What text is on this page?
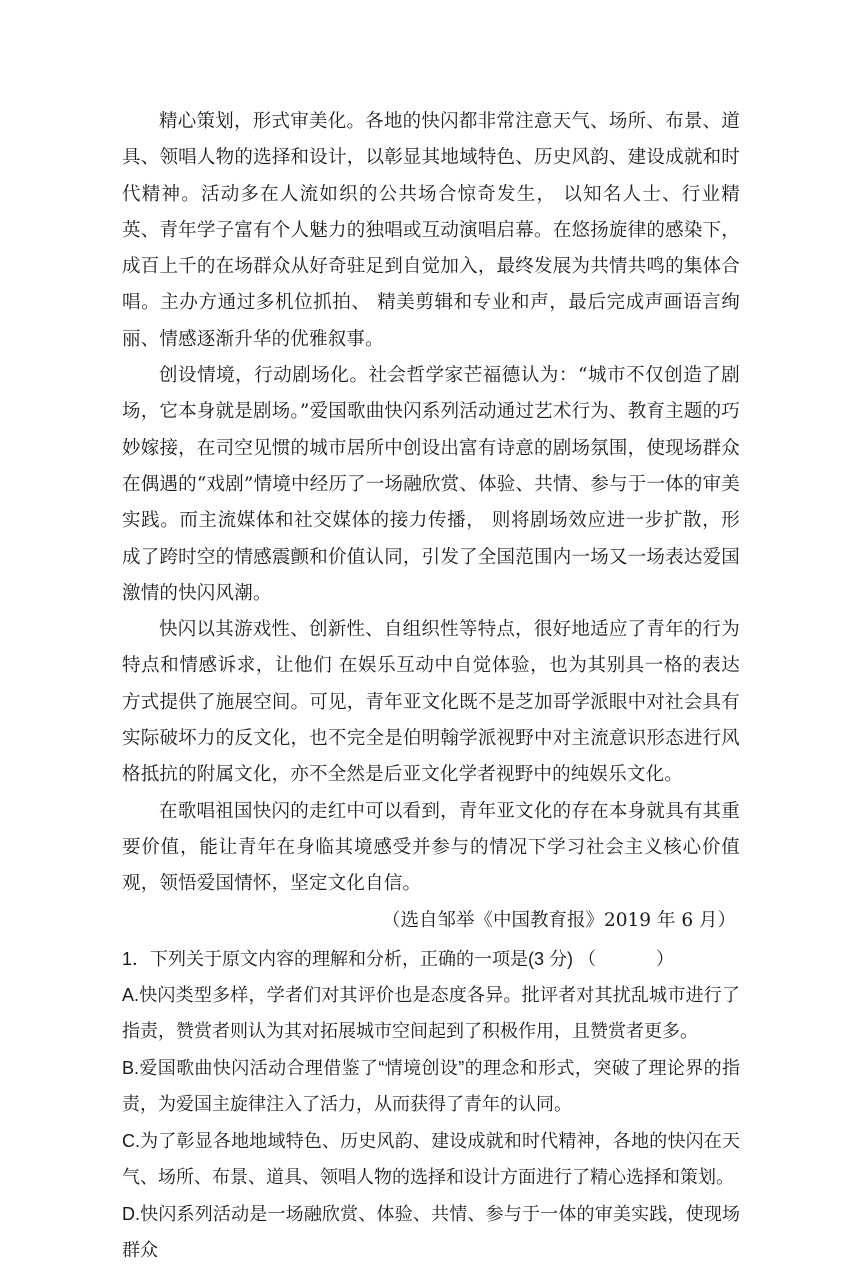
精心策划，形式审美化。各地的快闪都非常注意天气、场所、布景、道具、领唱人物的选择和设计，以彰显其地域特色、历史风韵、建设成就和时代精神。活动多在人流如织的公共场合惊奇发生， 以知名人士、行业精英、青年学子富有个人魅力的独唱或互动演唱启幕。在悠扬旋律的感染下，成百上千的在场群众从好奇驻足到自觉加入，最终发展为共情共鸣的集体合唱。主办方通过多机位抓拍、 精美剪辑和专业和声，最后完成声画语言绚丽、情感逐渐升华的优雅叙事。

创设情境，行动剧场化。社会哲学家芒福德认为：“城市不仅创造了剧场，它本身就是剧场。”爱国歌曲快闪系列活动通过艺术行为、教育主题的巧妙嫁接，在司空见惯的城市居所中创设出富有诗意的剧场氛围，使现场群众在偶遇的“戏剧”情境中经历了一场融欣赏、体验、共情、参与于一体的审美实践。而主流媒体和社交媒体的接力传播， 则将剧场效应进一步扩散，形成了跨时空的情感震颤和价值认同，引发了全国范围内一场又一场表达爱国激情的快闪风潮。

快闪以其游戏性、创新性、自组织性等特点，很好地适应了青年的行为特点和情感诉求，让他们 在娱乐互动中自觉体验，也为其别具一格的表达方式提供了施展空间。可见，青年亚文化既不是芝加哥学派眼中对社会具有实际破坏力的反文化，也不完全是伯明翰学派视野中对主流意识形态进行风格抵抗的附属文化，亦不全然是后亚文化学者视野中的纯娱乐文化。

在歌唱祖国快闪的走红中可以看到，青年亚文化的存在本身就具有其重要价值，能让青年在身临其境感受并参与的情况下学习社会主义核心价值观，领悟爱国情怀，坚定文化自信。

（选自邹举《中国教育报》2019 年 6 月）

1．下列关于原文内容的理解和分析，正确的一项是(3 分) （	）

A.快闪类型多样，学者们对其评价也是态度各异。批评者对其扰乱城市进行了指责，赞赏者则认为其对拓展城市空间起到了积极作用，且赞赏者更多。

B.爱国歌曲快闪活动合理借鉴了“情境创设”的理念和形式，突破了理论界的指责，为爱国主旋律注入了活力，从而获得了青年的认同。

C.为了彰显各地地域特色、历史风韵、建设成就和时代精神，各地的快闪在天气、场所、布景、道具、领唱人物的选择和设计方面进行了精心选择和策划。

D.快闪系列活动是一场融欣赏、体验、共情、参与于一体的审美实践，使现场群众
